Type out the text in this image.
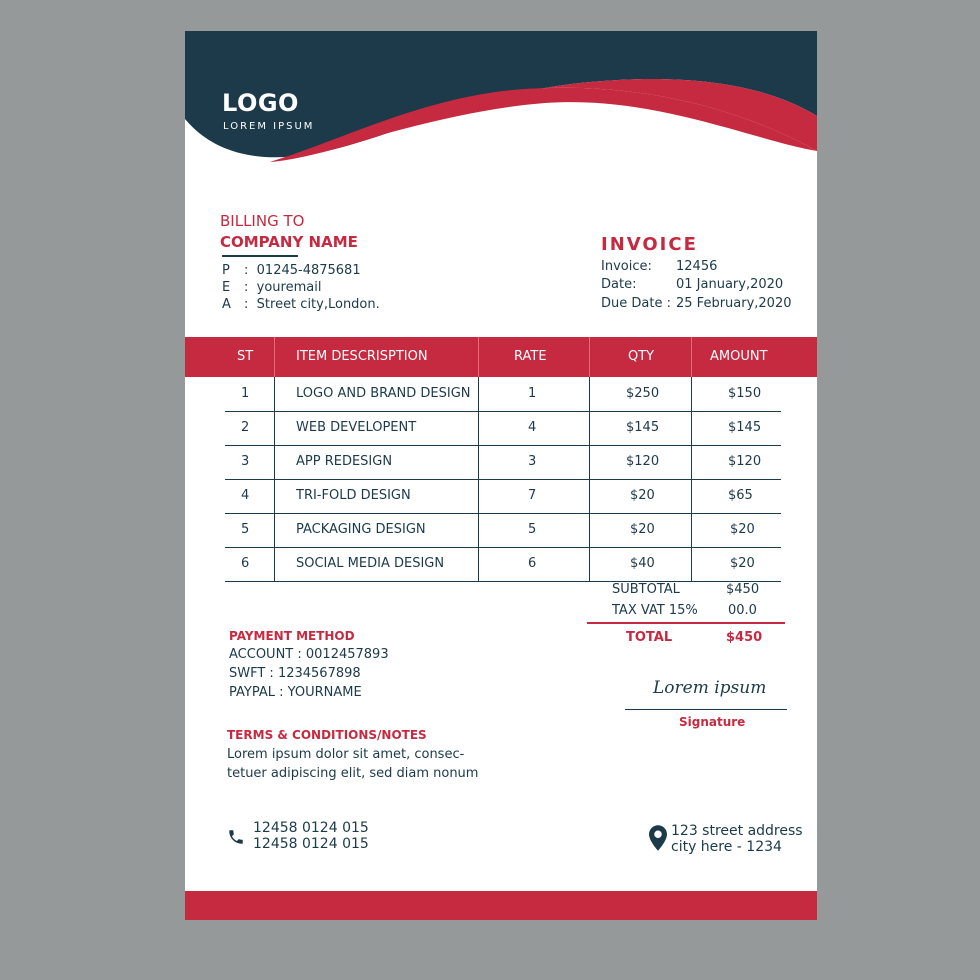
LOGO
LOREM IPSUM
BILLING TO
COMPANY NAME
P :  01245-4875681
E :  youremail
A :  Street city,London.
INVOICE
Invoice: 12456
Date:	01 January,2020
Due Date : 25 February,2020
ST	ITEM DESCRISPTION	RATE	QTY	AMOUNT
1	LOGO AND BRAND DESIGN	1	$250	$150
2	WEB DEVELOPENT	4	$145	$145
3	APP REDESIGN	3	$120	$120
4	TRI-FOLD DESIGN	7	$20	$65
5	PACKAGING DESIGN	5	$20	$20
6	SOCIAL MEDIA DESIGN	6	$40	$20
SUBTOTAL	$450
TAX VAT 15% 00.0
TOTAL	$450
PAYMENT METHOD
ACCOUNT : 0012457893
SWFT : 1234567898
PAYPAL : YOURNAME
TERMS & CONDITIONS/NOTES
Lorem ipsum dolor sit amet, consec-
tetuer adipiscing elit, sed diam nonum
Lorem ipsum
Signature
12458 0124 015
12458 0124 015
123 street address
city here - 1234
